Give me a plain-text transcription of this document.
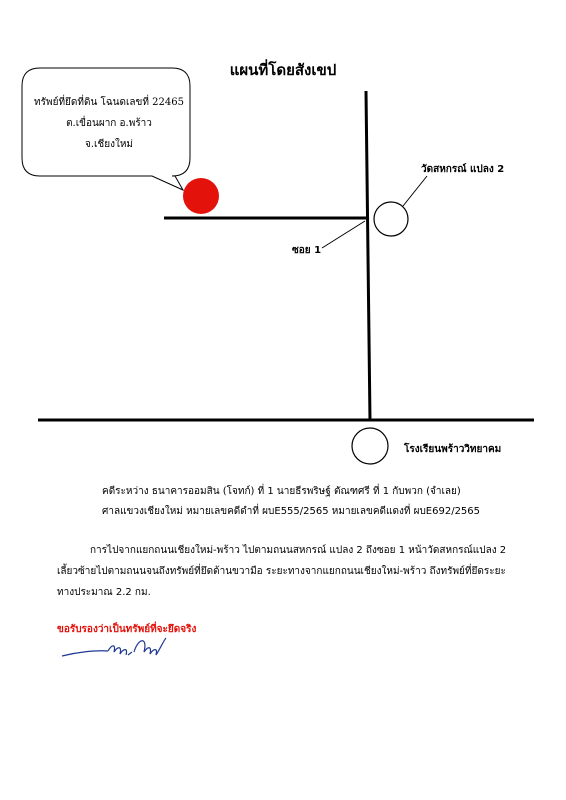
แผนที่โดยสังเขป
ทรัพย์ที่ยึดที่ดิน โฉนดเลขที่ 22465
ต.เขื่อนผาก อ.พร้าว
จ.เชียงใหม่
วัดสหกรณ์ แปลง 2
ซอย 1
โรงเรียนพร้าววิทยาคม
คดีระหว่าง ธนาคารออมสิน (โจทก์) ที่ 1 นายธีรพริษฐ์ ตัณฑศรี ที่ 1 กับพวก (จำเลย)
ศาลแขวงเชียงใหม่ หมายเลขคดีดำที่ ผบE555/2565 หมายเลขคดีแดงที่ ผบE692/2565
การไปจากแยกถนนเชียงใหม่-พร้าว ไปตามถนนสหกรณ์ แปลง 2 ถึงซอย 1 หน้าวัดสหกรณ์แปลง 2 เลี้ยวซ้ายไปตามถนนจนถึงทรัพย์ที่ยึดด้านขวามือ ระยะทางจากแยกถนนเชียงใหม่-พร้าว ถึงทรัพย์ที่ยึดระยะทางประมาณ 2.2 กม.
ขอรับรองว่าเป็นทรัพย์ที่จะยึดจริง
